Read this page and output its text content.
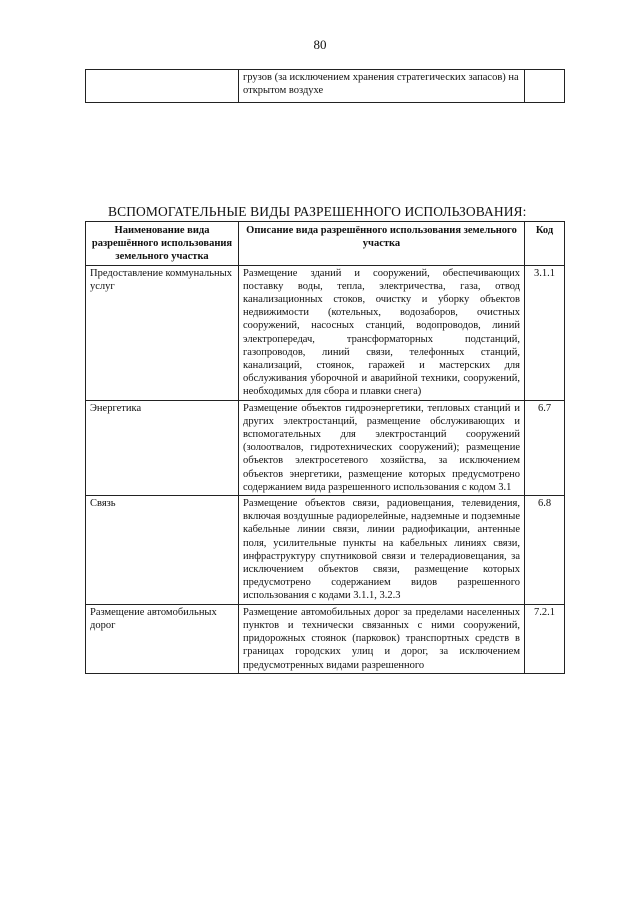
80
	грузов (за исключением хранения стратегических запасов) на открытом воздухе	
ВСПОМОГАТЕЛЬНЫЕ ВИДЫ РАЗРЕШЕННОГО ИСПОЛЬЗОВАНИЯ:
Наименование вида разрешённого использования земельного участка	Описание вида разрешённого использования земельного участка	Код
Предоставление коммунальных услуг	Размещение зданий и сооружений, обеспечивающих поставку воды, тепла, электричества, газа, отвод канализационных стоков, очистку и уборку объектов недвижимости (котельных, водозаборов, очистных сооружений, насосных станций, водопроводов, линий электропередач, трансформаторных подстанций, газопроводов, линий связи, телефонных станций, канализаций, стоянок, гаражей и мастерских для обслуживания уборочной и аварийной техники, сооружений, необходимых для сбора и плавки снега)	3.1.1
Энергетика	Размещение объектов гидроэнергетики, тепловых станций и других электростанций, размещение обслуживающих и вспомогательных для электростанций сооружений (золоотвалов, гидротехнических сооружений); размещение объектов электросетевого хозяйства, за исключением объектов энергетики, размещение которых предусмотрено содержанием вида разрешенного использования с кодом 3.1	6.7
Связь	Размещение объектов связи, радиовещания, телевидения, включая воздушные радиорелейные, надземные и подземные кабельные линии связи, линии радиофикации, антенные поля, усилительные пункты на кабельных линиях связи, инфраструктуру спутниковой связи и телерадиовещания, за исключением объектов связи, размещение которых предусмотрено содержанием видов разрешенного использования с кодами 3.1.1, 3.2.3	6.8
Размещение автомобильных дорог	Размещение автомобильных дорог за пределами населенных пунктов и технически связанных с ними сооружений, придорожных стоянок (парковок) транспортных средств в границах городских улиц и дорог, за исключением предусмотренных видами разрешенного	7.2.1
